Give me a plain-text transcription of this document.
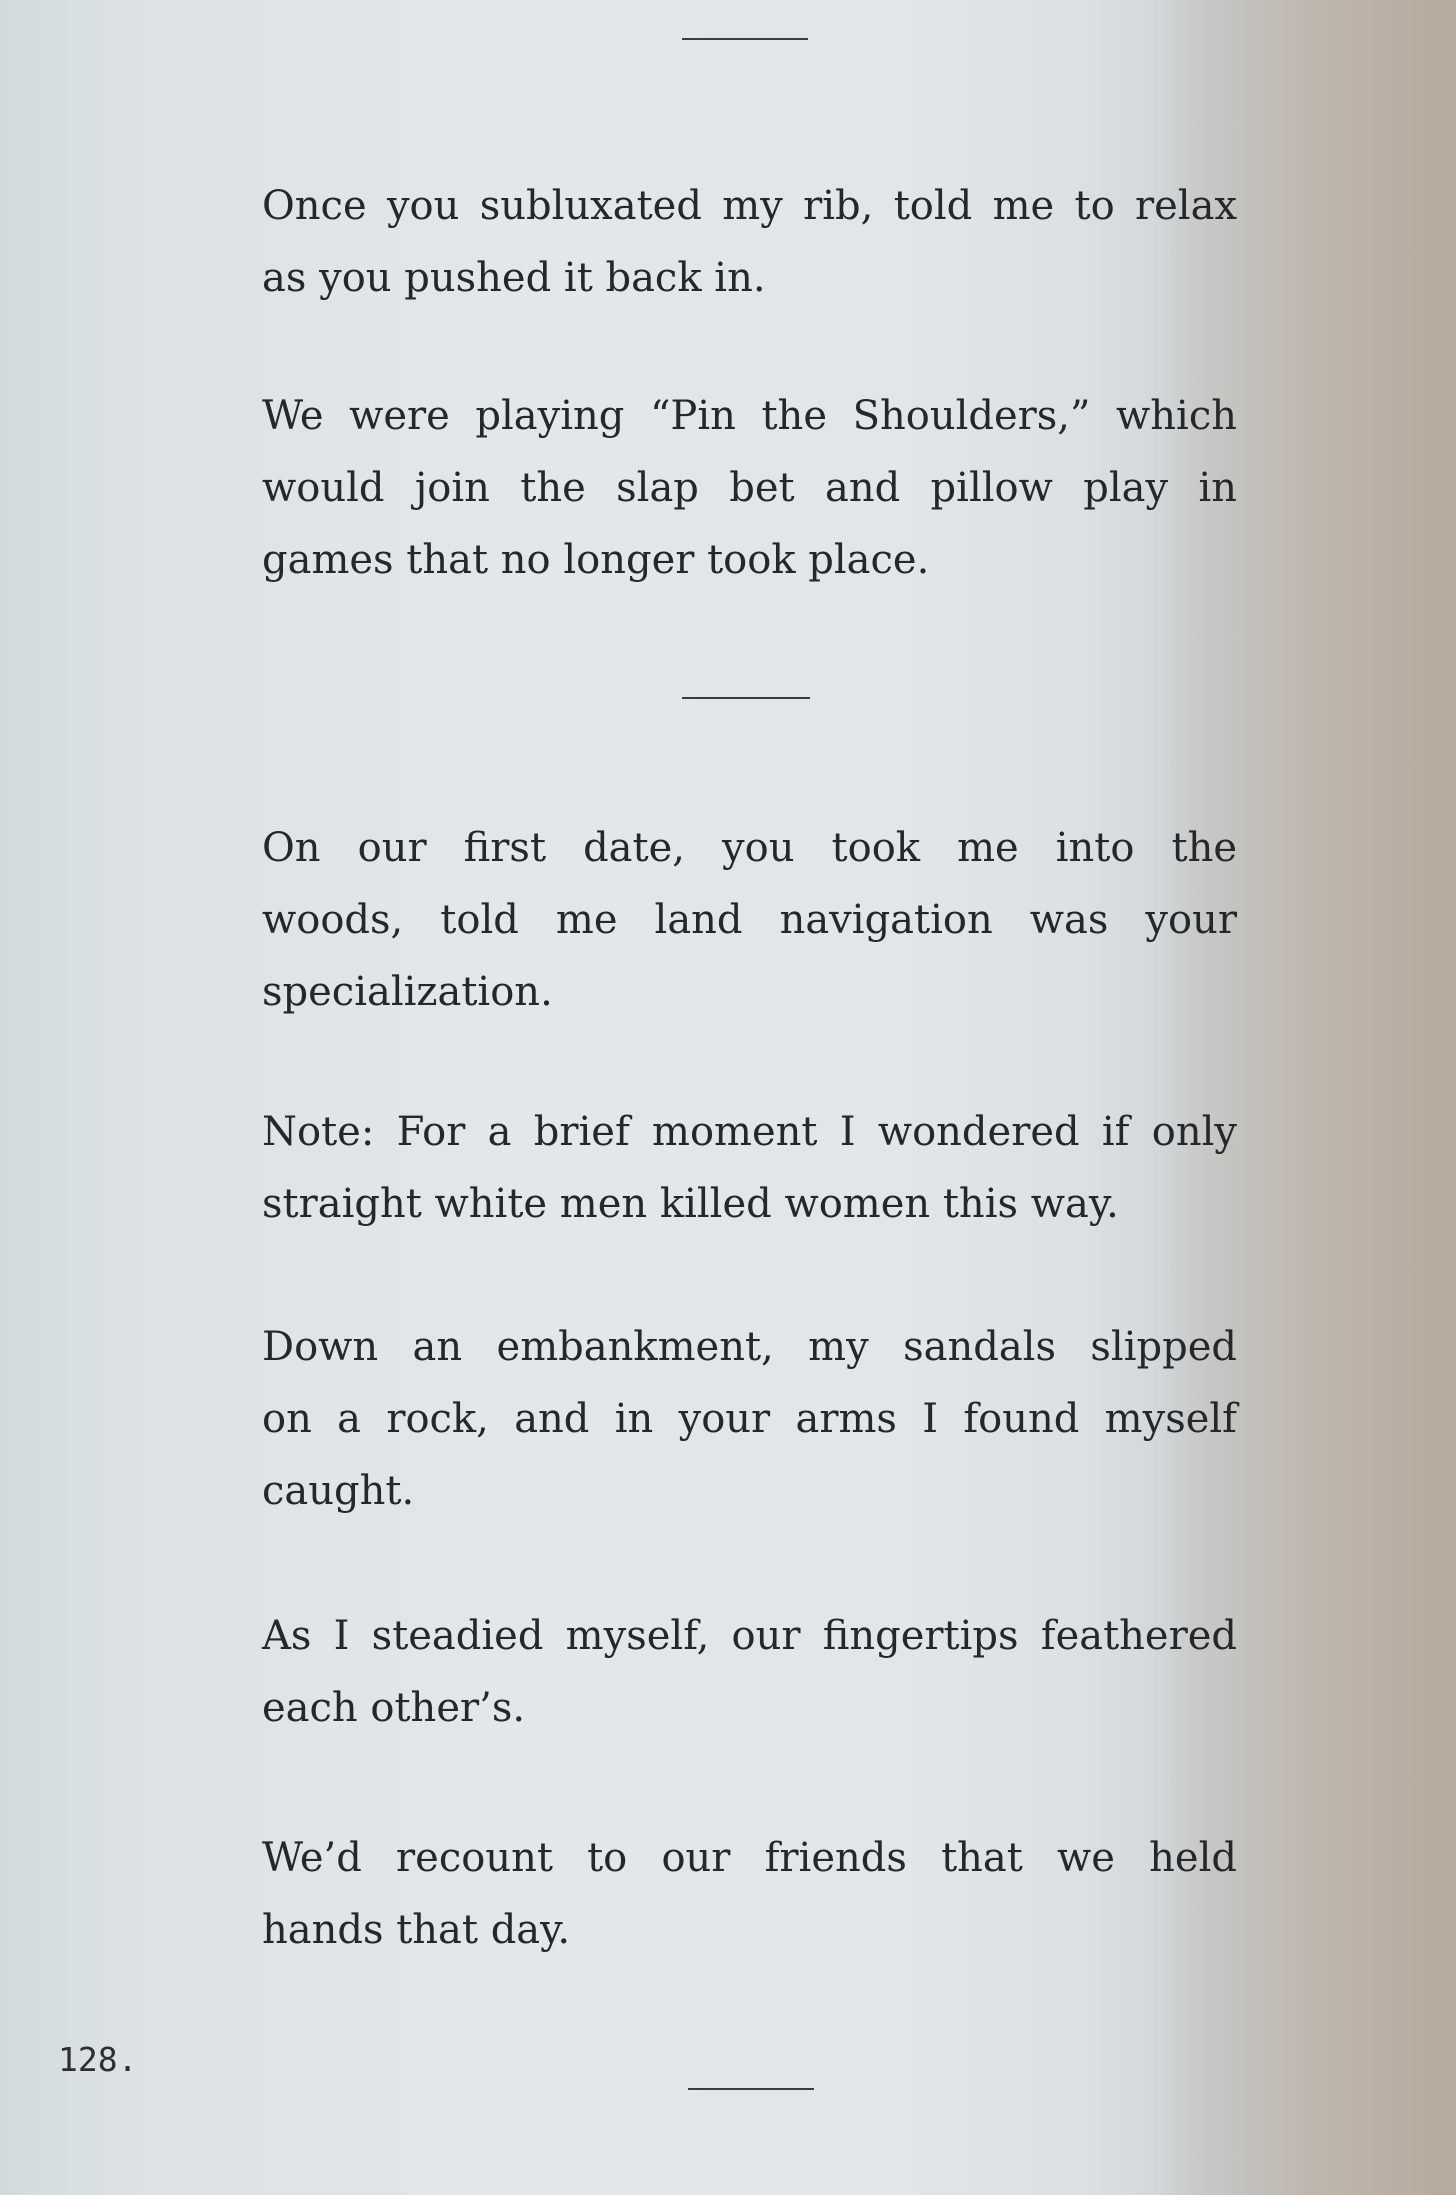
Once you subluxated my rib, told me to relax
as you pushed it back in.

We were playing “Pin the Shoulders,” which
would join the slap bet and pillow play in
games that no longer took place.

On our first date, you took me into the
woods, told me land navigation was your
specialization.

Note: For a brief moment I wondered if only
straight white men killed women this way.

Down an embankment, my sandals slipped
on a rock, and in your arms I found myself
caught.

As I steadied myself, our fingertips feathered
each other’s.

We’d recount to our friends that we held
hands that day.

128.
